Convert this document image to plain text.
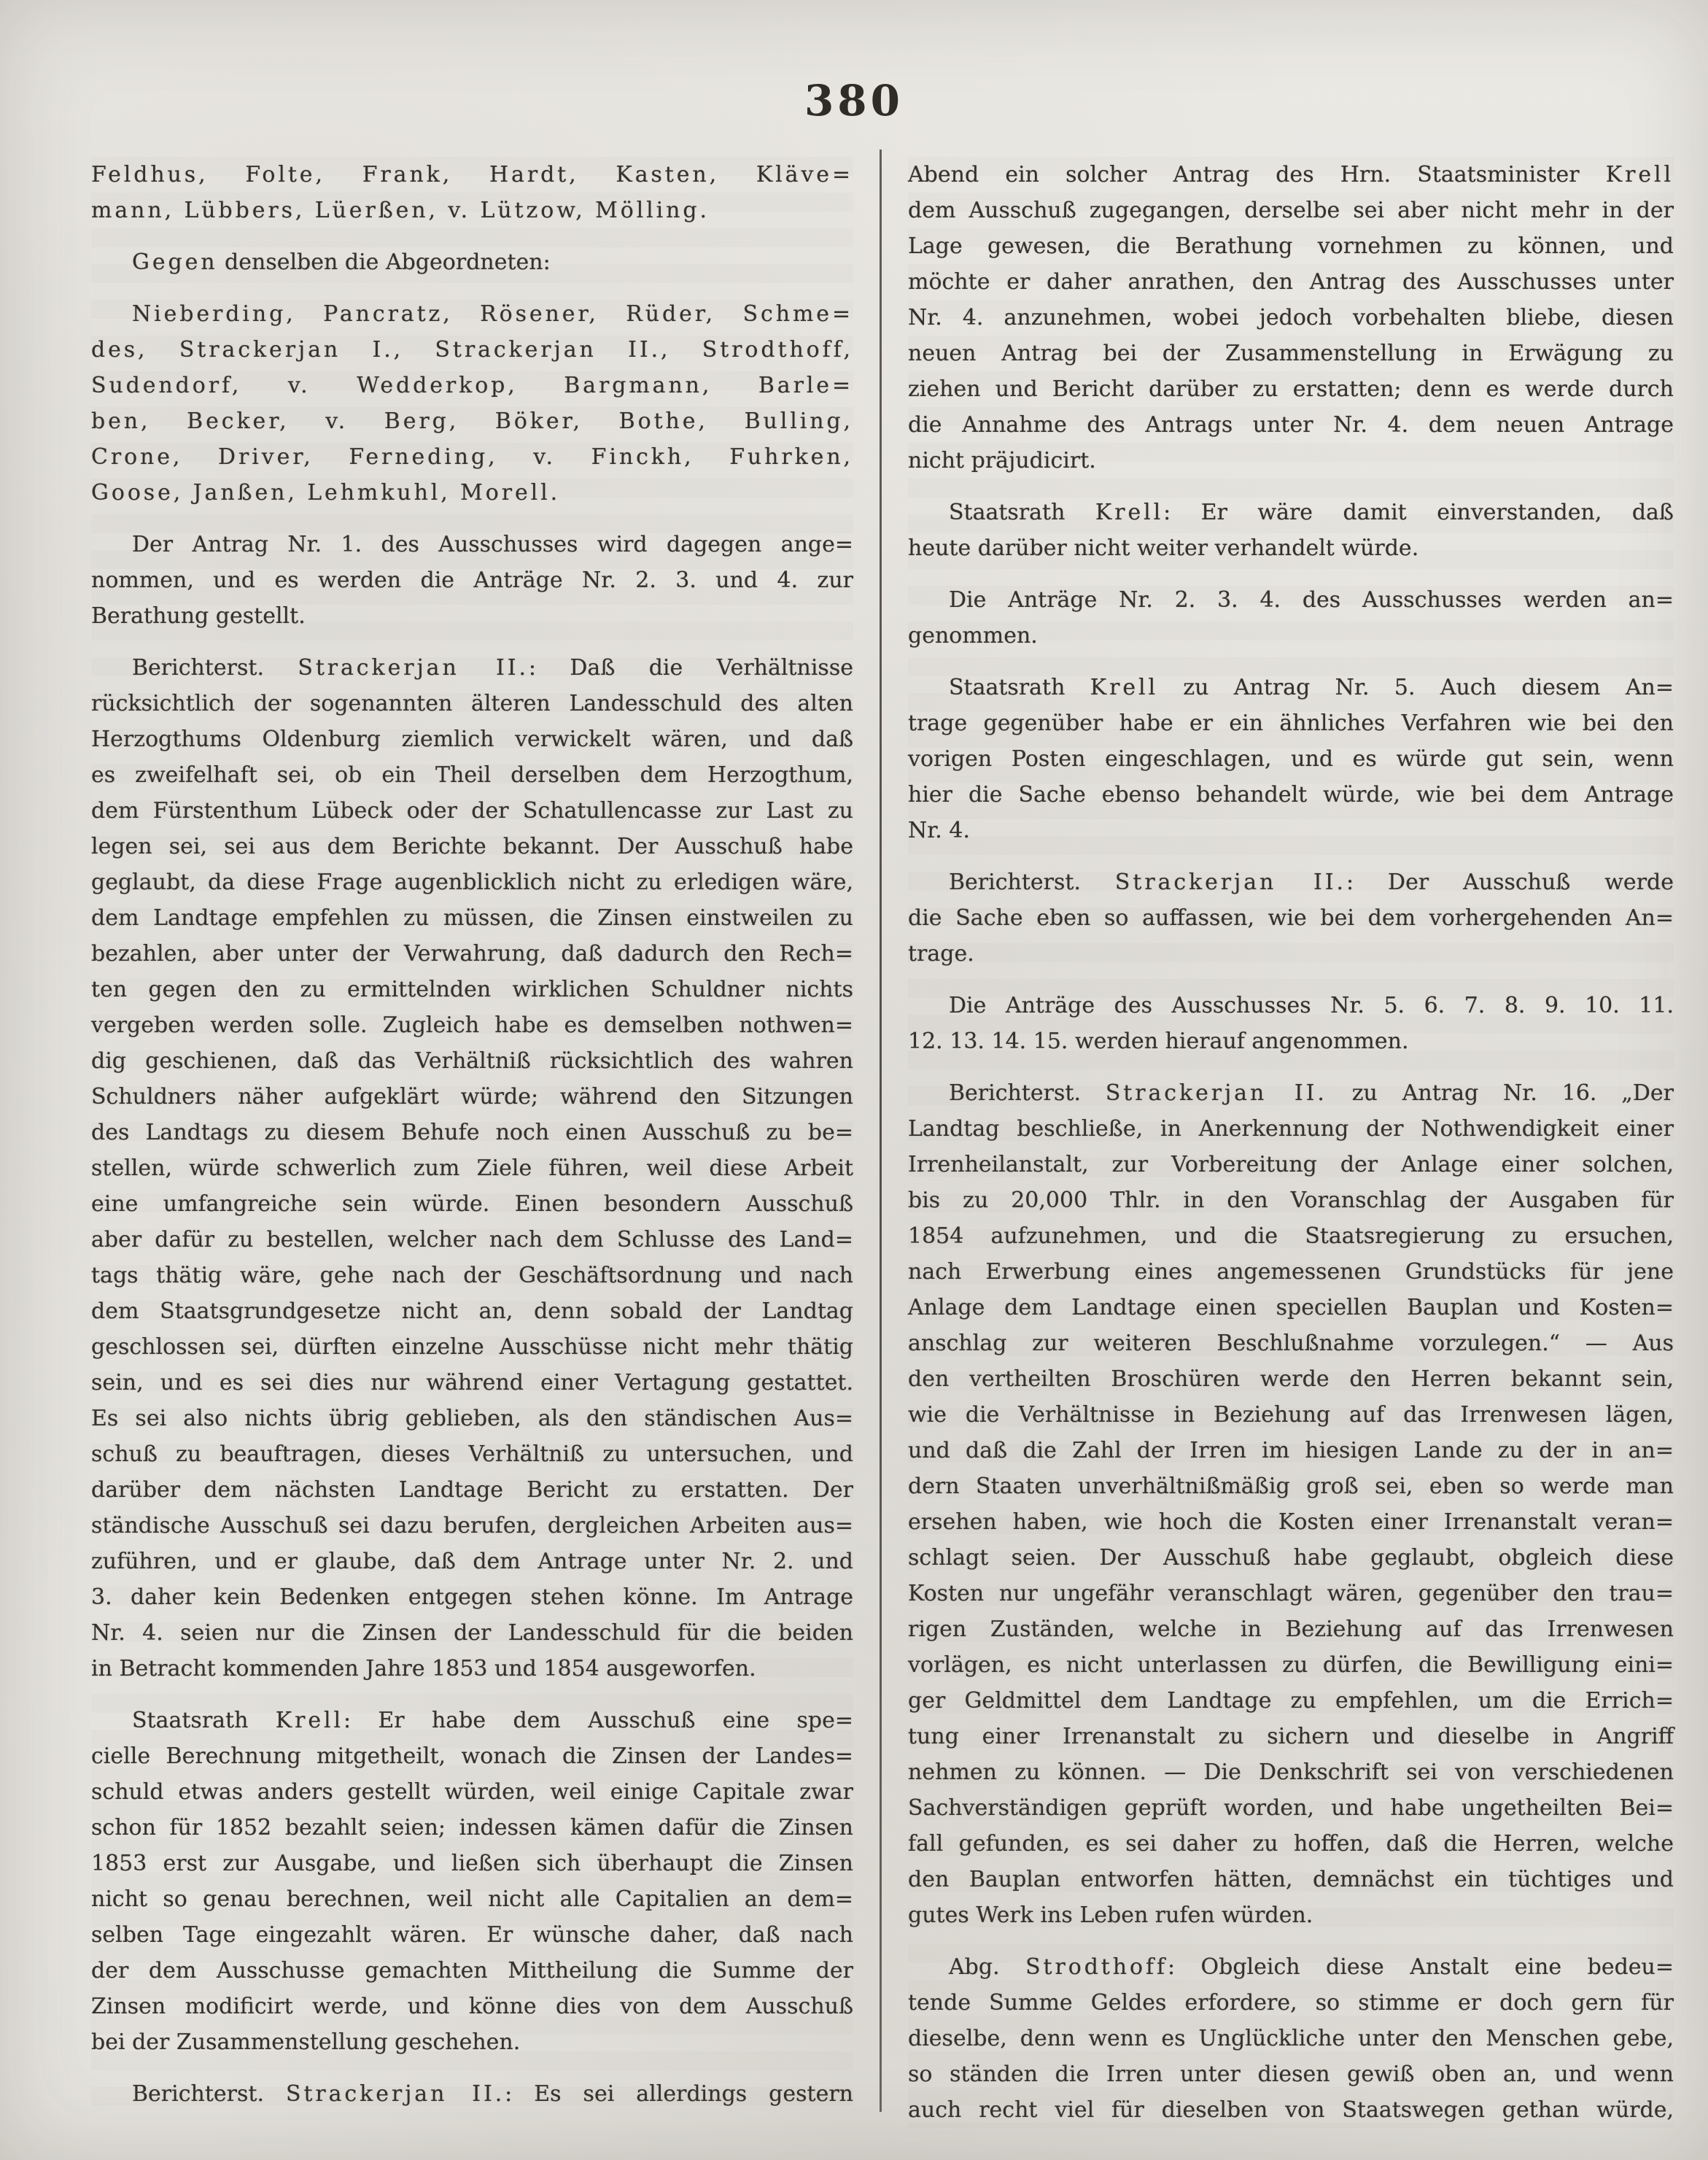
380
Feldhus, Folte, Frank, Hardt, Kasten, Kläve=
mann, Lübbers, Lüerßen, v. Lützow, Mölling.
Gegen denselben die Abgeordneten:
Nieberding, Pancratz, Rösener, Rüder, Schme=
des, Strackerjan I., Strackerjan II., Strodthoff,
Sudendorf, v. Wedderkop, Bargmann, Barle=
ben, Becker, v. Berg, Böker, Bothe, Bulling,
Crone, Driver, Ferneding, v. Finckh, Fuhrken,
Goose, Janßen, Lehmkuhl, Morell.
Der Antrag Nr. 1. des Ausschusses wird dagegen ange=
nommen, und es werden die Anträge Nr. 2. 3. und 4. zur
Berathung gestellt.
Berichterst. Strackerjan II.: Daß die Verhältnisse
rücksichtlich der sogenannten älteren Landesschuld des alten
Herzogthums Oldenburg ziemlich verwickelt wären, und daß
es zweifelhaft sei, ob ein Theil derselben dem Herzogthum,
dem Fürstenthum Lübeck oder der Schatullencasse zur Last zu
legen sei, sei aus dem Berichte bekannt. Der Ausschuß habe
geglaubt, da diese Frage augenblicklich nicht zu erledigen wäre,
dem Landtage empfehlen zu müssen, die Zinsen einstweilen zu
bezahlen, aber unter der Verwahrung, daß dadurch den Rech=
ten gegen den zu ermittelnden wirklichen Schuldner nichts
vergeben werden solle. Zugleich habe es demselben nothwen=
dig geschienen, daß das Verhältniß rücksichtlich des wahren
Schuldners näher aufgeklärt würde; während den Sitzungen
des Landtags zu diesem Behufe noch einen Ausschuß zu be=
stellen, würde schwerlich zum Ziele führen, weil diese Arbeit
eine umfangreiche sein würde. Einen besondern Ausschuß
aber dafür zu bestellen, welcher nach dem Schlusse des Land=
tags thätig wäre, gehe nach der Geschäftsordnung und nach
dem Staatsgrundgesetze nicht an, denn sobald der Landtag
geschlossen sei, dürften einzelne Ausschüsse nicht mehr thätig
sein, und es sei dies nur während einer Vertagung gestattet.
Es sei also nichts übrig geblieben, als den ständischen Aus=
schuß zu beauftragen, dieses Verhältniß zu untersuchen, und
darüber dem nächsten Landtage Bericht zu erstatten. Der
ständische Ausschuß sei dazu berufen, dergleichen Arbeiten aus=
zuführen, und er glaube, daß dem Antrage unter Nr. 2. und
3. daher kein Bedenken entgegen stehen könne. Im Antrage
Nr. 4. seien nur die Zinsen der Landesschuld für die beiden
in Betracht kommenden Jahre 1853 und 1854 ausgeworfen.
Staatsrath Krell: Er habe dem Ausschuß eine spe=
cielle Berechnung mitgetheilt, wonach die Zinsen der Landes=
schuld etwas anders gestellt würden, weil einige Capitale zwar
schon für 1852 bezahlt seien; indessen kämen dafür die Zinsen
1853 erst zur Ausgabe, und ließen sich überhaupt die Zinsen
nicht so genau berechnen, weil nicht alle Capitalien an dem=
selben Tage eingezahlt wären. Er wünsche daher, daß nach
der dem Ausschusse gemachten Mittheilung die Summe der
Zinsen modificirt werde, und könne dies von dem Ausschuß
bei der Zusammenstellung geschehen.
Berichterst. Strackerjan II.: Es sei allerdings gestern
Abend ein solcher Antrag des Hrn. Staatsminister Krell
dem Ausschuß zugegangen, derselbe sei aber nicht mehr in der
Lage gewesen, die Berathung vornehmen zu können, und
möchte er daher anrathen, den Antrag des Ausschusses unter
Nr. 4. anzunehmen, wobei jedoch vorbehalten bliebe, diesen
neuen Antrag bei der Zusammenstellung in Erwägung zu
ziehen und Bericht darüber zu erstatten; denn es werde durch
die Annahme des Antrags unter Nr. 4. dem neuen Antrage
nicht präjudicirt.
Staatsrath Krell: Er wäre damit einverstanden, daß
heute darüber nicht weiter verhandelt würde.
Die Anträge Nr. 2. 3. 4. des Ausschusses werden an=
genommen.
Staatsrath Krell zu Antrag Nr. 5. Auch diesem An=
trage gegenüber habe er ein ähnliches Verfahren wie bei den
vorigen Posten eingeschlagen, und es würde gut sein, wenn
hier die Sache ebenso behandelt würde, wie bei dem Antrage
Nr. 4.
Berichterst. Strackerjan II.: Der Ausschuß werde
die Sache eben so auffassen, wie bei dem vorhergehenden An=
trage.
Die Anträge des Ausschusses Nr. 5. 6. 7. 8. 9. 10. 11.
12. 13. 14. 15. werden hierauf angenommen.
Berichterst. Strackerjan II. zu Antrag Nr. 16. „Der
Landtag beschließe, in Anerkennung der Nothwendigkeit einer
Irrenheilanstalt, zur Vorbereitung der Anlage einer solchen,
bis zu 20,000 Thlr. in den Voranschlag der Ausgaben für
1854 aufzunehmen, und die Staatsregierung zu ersuchen,
nach Erwerbung eines angemessenen Grundstücks für jene
Anlage dem Landtage einen speciellen Bauplan und Kosten=
anschlag zur weiteren Beschlußnahme vorzulegen.“ — Aus
den vertheilten Broschüren werde den Herren bekannt sein,
wie die Verhältnisse in Beziehung auf das Irrenwesen lägen,
und daß die Zahl der Irren im hiesigen Lande zu der in an=
dern Staaten unverhältnißmäßig groß sei, eben so werde man
ersehen haben, wie hoch die Kosten einer Irrenanstalt veran=
schlagt seien. Der Ausschuß habe geglaubt, obgleich diese
Kosten nur ungefähr veranschlagt wären, gegenüber den trau=
rigen Zuständen, welche in Beziehung auf das Irrenwesen
vorlägen, es nicht unterlassen zu dürfen, die Bewilligung eini=
ger Geldmittel dem Landtage zu empfehlen, um die Errich=
tung einer Irrenanstalt zu sichern und dieselbe in Angriff
nehmen zu können. — Die Denkschrift sei von verschiedenen
Sachverständigen geprüft worden, und habe ungetheilten Bei=
fall gefunden, es sei daher zu hoffen, daß die Herren, welche
den Bauplan entworfen hätten, demnächst ein tüchtiges und
gutes Werk ins Leben rufen würden.
Abg. Strodthoff: Obgleich diese Anstalt eine bedeu=
tende Summe Geldes erfordere, so stimme er doch gern für
dieselbe, denn wenn es Unglückliche unter den Menschen gebe,
so ständen die Irren unter diesen gewiß oben an, und wenn
auch recht viel für dieselben von Staatswegen gethan würde,
